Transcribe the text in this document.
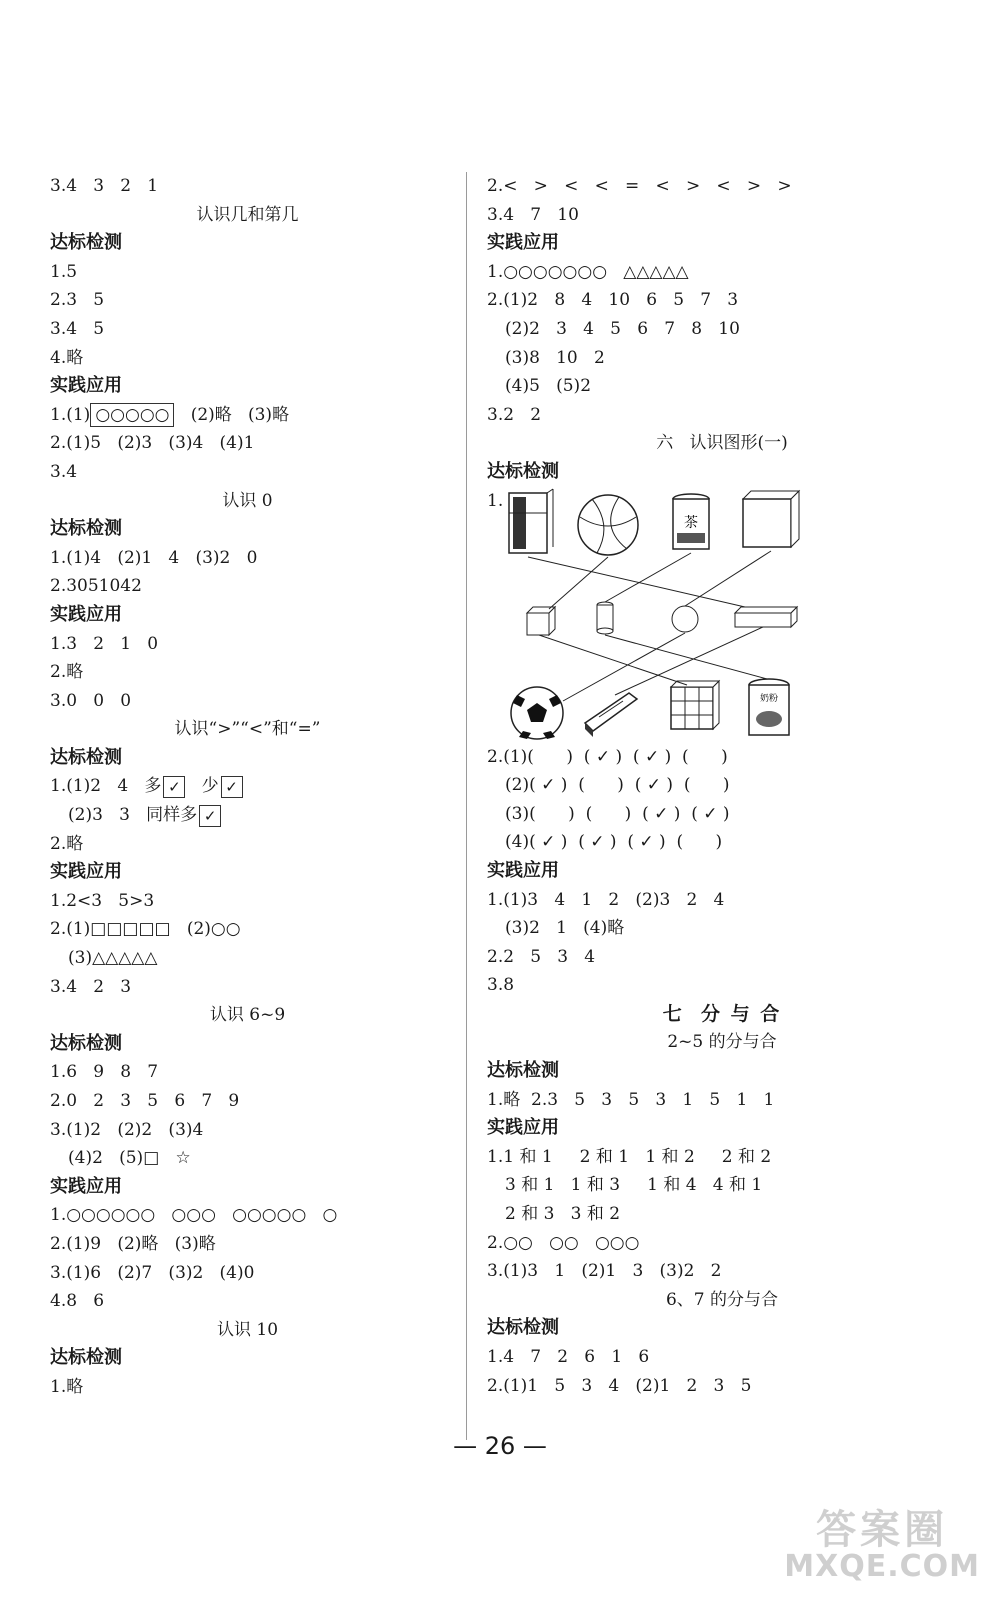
3.4   3   2   1
认识几和第几
达标检测
1.5
2.3   5
3.4   5
4.略
实践应用
1.(1) ○○○○○   (2)略   (3)略
2.(1)5   (2)3   (3)4   (4)1
3.4
认识 0
达标检测
1.(1)4   (2)1   4   (3)2   0
2.3051042
实践应用
1.3   2   1   0
2.略
3.0   0   0
认识“>”“<”和“=”
达标检测
1.(1)2   4   多 ✓   少 ✓
(2)3   3   同样多 ✓
2.略
实践应用
1.2<3   5>3
2.(1)□□□□□   (2)○○
(3)△△△△△
3.4   2   3
认识 6~9
达标检测
1.6   9   8   7
2.0   2   3   5   6   7   9
3.(1)2   (2)2   (3)4
(4)2   (5)□   ☆
实践应用
1.○○○○○○   ○○○   ○○○○○   ○
2.(1)9   (2)略   (3)略
3.(1)6   (2)7   (3)2   (4)0
4.8   6
认识 10
达标检测
1.略
2.<   >   <   <   =   <   >   <   >   >
3.4   7   10
实践应用
1.○○○○○○○   △△△△△
2.(1)2   8   4   10   6   5   7   3
(2)2   3   4   5   6   7   8   10
(3)8   10   2
(4)5   (5)2
3.2   2
六   认识图形(一)
达标检测
1.
茶
奶粉
2.(1)(      )  ( ✓ )  ( ✓ )  (      )
(2)( ✓ )  (      )  ( ✓ )  (      )
(3)(      )  (      )  ( ✓ )  ( ✓ )
(4)( ✓ )  ( ✓ )  ( ✓ )  (      )
实践应用
1.(1)3   4   1   2   (2)3   2   4
(3)2   1   (4)略
2.2   5   3   4
3.8
七  分 与 合
2~5 的分与合
达标检测
1.略  2.3   5   3   5   3   1   5   1   1
实践应用
1.1 和 1     2 和 1   1 和 2     2 和 2
3 和 1   1 和 3     1 和 4   4 和 1
2 和 3   3 和 2
2.○○   ○○   ○○○
3.(1)3   1   (2)1   3   (3)2   2
6、7 的分与合
达标检测
1.4   7   2   6   1   6
2.(1)1   5   3   4   (2)1   2   3   5
— 26 —
答案圈
MXQE.COM
